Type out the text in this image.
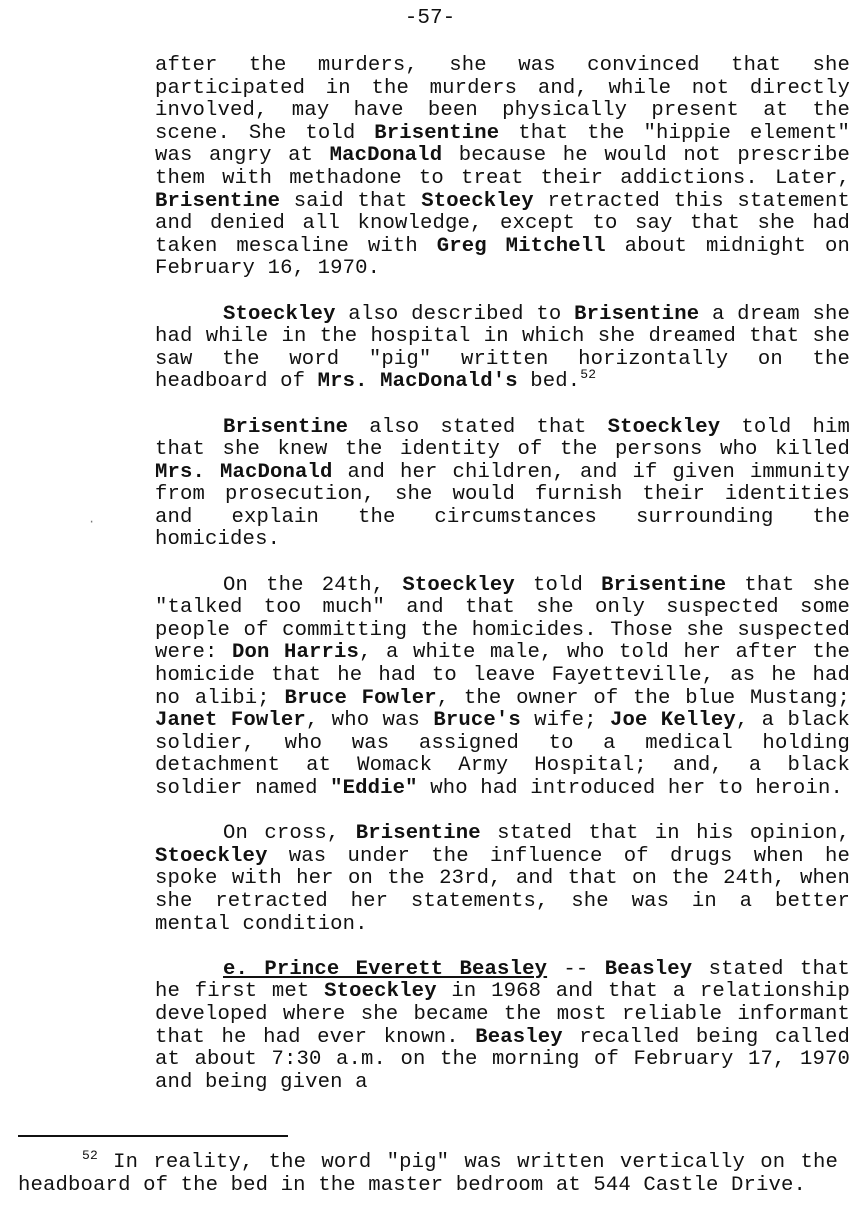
-57-

after the murders, she was convinced that she participated in the murders and, while not directly involved, may have been physically present at the scene. She told Brisentine that the "hippie element" was angry at MacDonald because he would not prescribe them with methadone to treat their addictions. Later, Brisentine said that Stoeckley retracted this statement and denied all knowledge, except to say that she had taken mescaline with Greg Mitchell about midnight on February 16, 1970.

Stoeckley also described to Brisentine a dream she had while in the hospital in which she dreamed that she saw the word "pig" written horizontally on the headboard of Mrs. MacDonald's bed.$^{52}$

Brisentine also stated that Stoeckley told him that she knew the identity of the persons who killed Mrs. MacDonald and her children, and if given immunity from prosecution, she would furnish their identities and explain the circumstances surrounding the homicides.

On the 24th, Stoeckley told Brisentine that she "talked too much" and that she only suspected some people of committing the homicides. Those she suspected were: Don Harris, a white male, who told her after the homicide that he had to leave Fayetteville, as he had no alibi; Bruce Fowler, the owner of the blue Mustang; Janet Fowler, who was Bruce's wife; Joe Kelley, a black soldier, who was assigned to a medical holding detachment at Womack Army Hospital; and, a black soldier named "Eddie" who had introduced her to heroin.

On cross, Brisentine stated that in his opinion, Stoeckley was under the influence of drugs when he spoke with her on the 23rd, and that on the 24th, when she retracted her statements, she was in a better mental condition.

e. Prince Everett Beasley -- Beasley stated that he first met Stoeckley in 1968 and that a relationship developed where she became the most reliable informant that he had ever known. Beasley recalled being called at about 7:30 a.m. on the morning of February 17, 1970 and being given a

·
$^{52}$ In reality, the word "pig" was written vertically on the headboard of the bed in the master bedroom at 544 Castle Drive.
